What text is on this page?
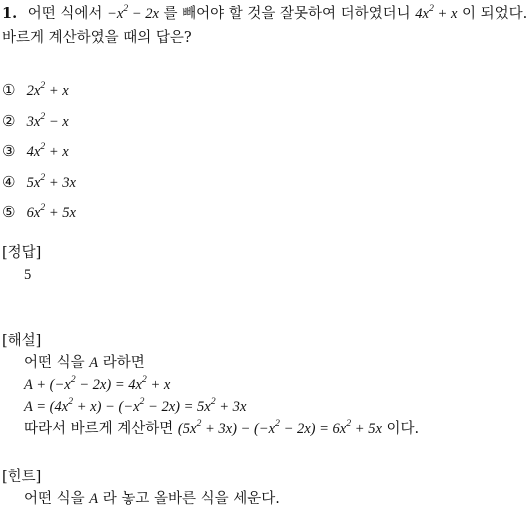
1. 어떤 식에서 $-x^2 - 2x$ 를 빼어야 할 것을 잘못하여 더하였더니 $4x^2 + x$ 이 되었다. 바르게 계산하였을 때의 답은?
① $2x^2 + x$
② $3x^2 - x$
③ $4x^2 + x$
④ $5x^2 + 3x$
⑤ $6x^2 + 5x$
[정답]
5
[해설]
어떤 식을 A 라하면
$A + (-x^2 - 2x) = 4x^2 + x$
$A = (4x^2 + x) - (-x^2 - 2x) = 5x^2 + 3x$
따라서 바르게 계산하면 $(5x^2 + 3x) - (-x^2 - 2x) = 6x^2 + 5x$ 이다.
[힌트]
어떤 식을 A 라 놓고 올바른 식을 세운다.
